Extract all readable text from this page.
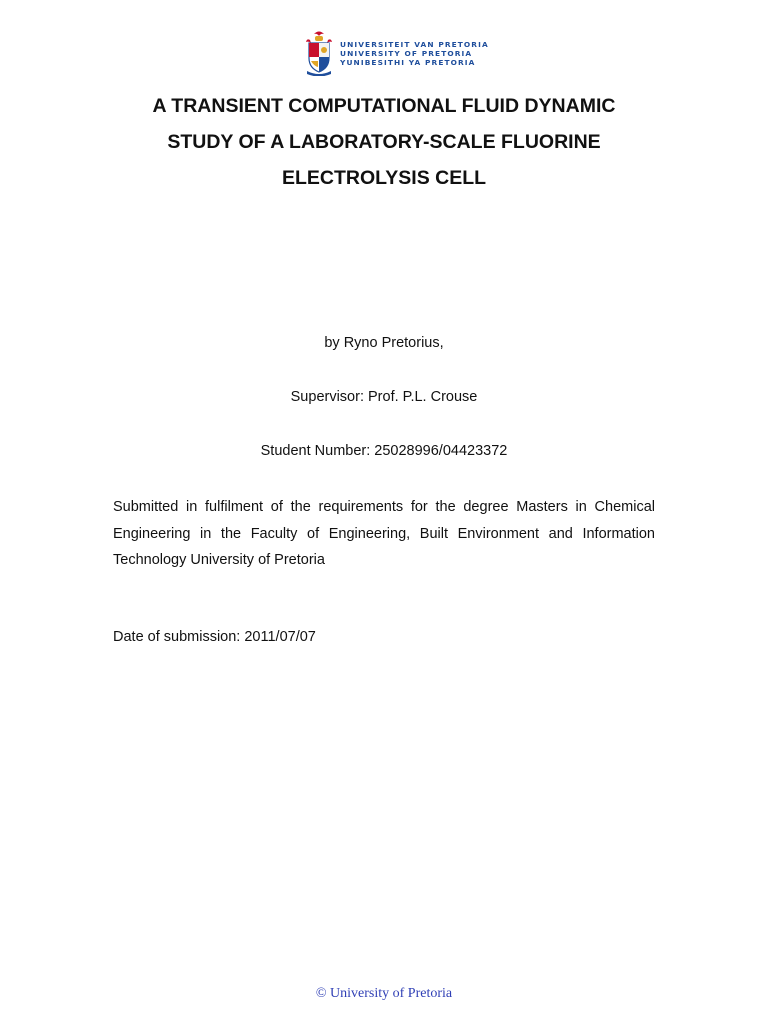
UNIVERSITEIT VAN PRETORIA
UNIVERSITY OF PRETORIA
YUNIBESITHI YA PRETORIA
A TRANSIENT COMPUTATIONAL FLUID DYNAMIC
STUDY OF A LABORATORY-SCALE FLUORINE
ELECTROLYSIS CELL
by Ryno Pretorius,
Supervisor: Prof. P.L. Crouse
Student Number: 25028996/04423372
Submitted in fulfilment of the requirements for the degree Masters in Chemical Engineering in the Faculty of Engineering, Built Environment and Information Technology University of Pretoria
Date of submission: 2011/07/07
© University of Pretoria
